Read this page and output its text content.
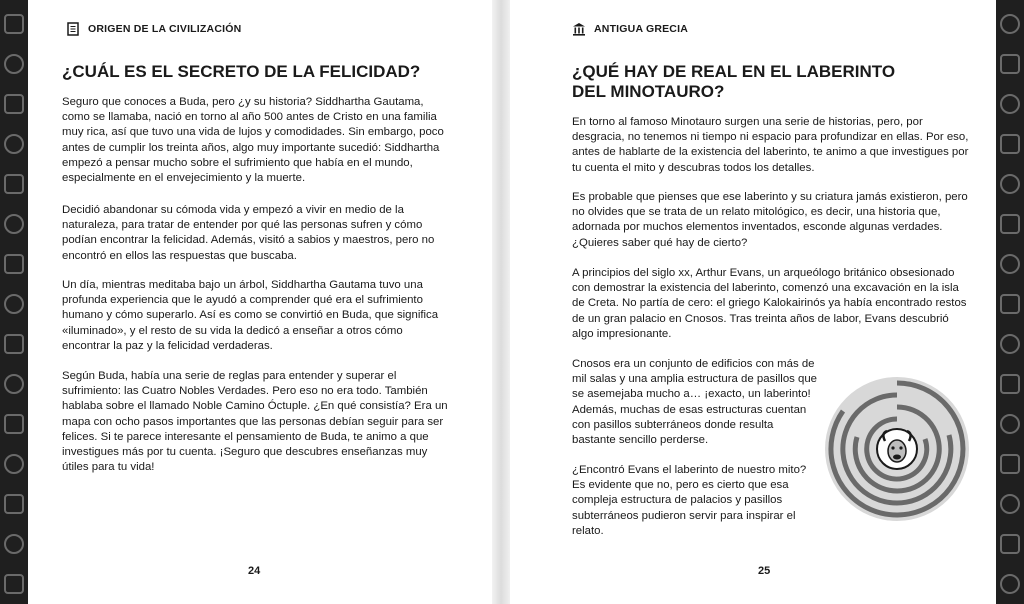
ORIGEN DE LA CIVILIZACIÓN
¿CUÁL ES EL SECRETO DE LA FELICIDAD?

Seguro que conoces a Buda, pero ¿y su historia? Siddhartha Gautama, como se llamaba, nació en torno al año 500 antes de Cristo en una familia muy rica, así que tuvo una vida de lujos y comodidades. Sin embargo, poco antes de cumplir los treinta años, algo muy importante sucedió: Siddhartha empezó a pensar mucho sobre el sufrimiento que había en el mundo, especialmente en el envejecimiento y la muerte.

Decidió abandonar su cómoda vida y empezó a vivir en medio de la naturaleza, para tratar de entender por qué las personas sufren y cómo podían encontrar la felicidad. Además, visitó a sabios y maestros, pero no encontró en ellos las respuestas que buscaba.

Un día, mientras meditaba bajo un árbol, Siddhartha Gautama tuvo una profunda experiencia que le ayudó a comprender qué era el sufrimiento humano y cómo superarlo. Así es como se convirtió en Buda, que significa «iluminado», y el resto de su vida la dedicó a enseñar a otros cómo encontrar la paz y la felicidad verdaderas.

Según Buda, había una serie de reglas para entender y superar el sufrimiento: las Cuatro Nobles Verdades. Pero eso no era todo. También hablaba sobre el llamado Noble Camino Óctuple. ¿En qué consistía? Era un mapa con ocho pasos importantes que las personas debían seguir para ser felices. Si te parece interesante el pensamiento de Buda, te animo a que investigues más por tu cuenta. ¡Seguro que descubres enseñanzas muy útiles para tu vida!

24
ANTIGUA GRECIA
¿QUÉ HAY DE REAL EN EL LABERINTO
DEL MINOTAURO?

En torno al famoso Minotauro surgen una serie de historias, pero, por desgracia, no tenemos ni tiempo ni espacio para profundizar en ellas. Por eso, antes de hablarte de la existencia del laberinto, te animo a que investigues por tu cuenta el mito y descubras todos los detalles.

Es probable que pienses que ese laberinto y su criatura jamás existieron, pero no olvides que se trata de un relato mitológico, es decir, una historia que, adornada por muchos elementos inventados, esconde algunas verdades. ¿Quieres saber qué hay de cierto?

A principios del siglo xx, Arthur Evans, un arqueólogo británico obsesionado con demostrar la existencia del laberinto, comenzó una excavación en la isla de Creta. No partía de cero: el griego Kalokairinós ya había encontrado restos de un gran palacio en Cnosos. Tras treinta años de labor, Evans descubrió algo impresionante.

Cnosos era un conjunto de edificios con más de mil salas y una amplia estructura de pasillos que se asemejaba mucho a… ¡exacto, un laberinto! Además, muchas de esas estructuras cuentan con pasillos subterráneos donde resulta bastante sencillo perderse.

¿Encontró Evans el laberinto de nuestro mito? Es evidente que no, pero es cierto que esa compleja estructura de palacios y pasillos subterráneos pudieron servir para inspirar el relato.

25
